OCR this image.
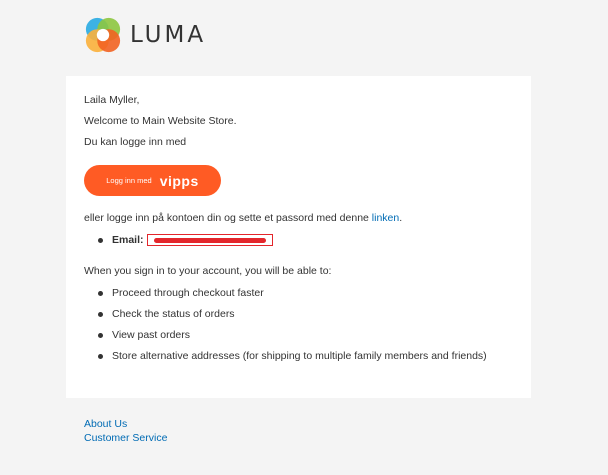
LUMA
Laila Myller,
Welcome to Main Website Store.
Du kan logge inn med
Logg inn med vipps
eller logge inn på kontoen din og sette et passord med denne linken.
Email:
When you sign in to your account, you will be able to:
Proceed through checkout faster
Check the status of orders
View past orders
Store alternative addresses (for shipping to multiple family members and friends)
About Us
Customer Service
